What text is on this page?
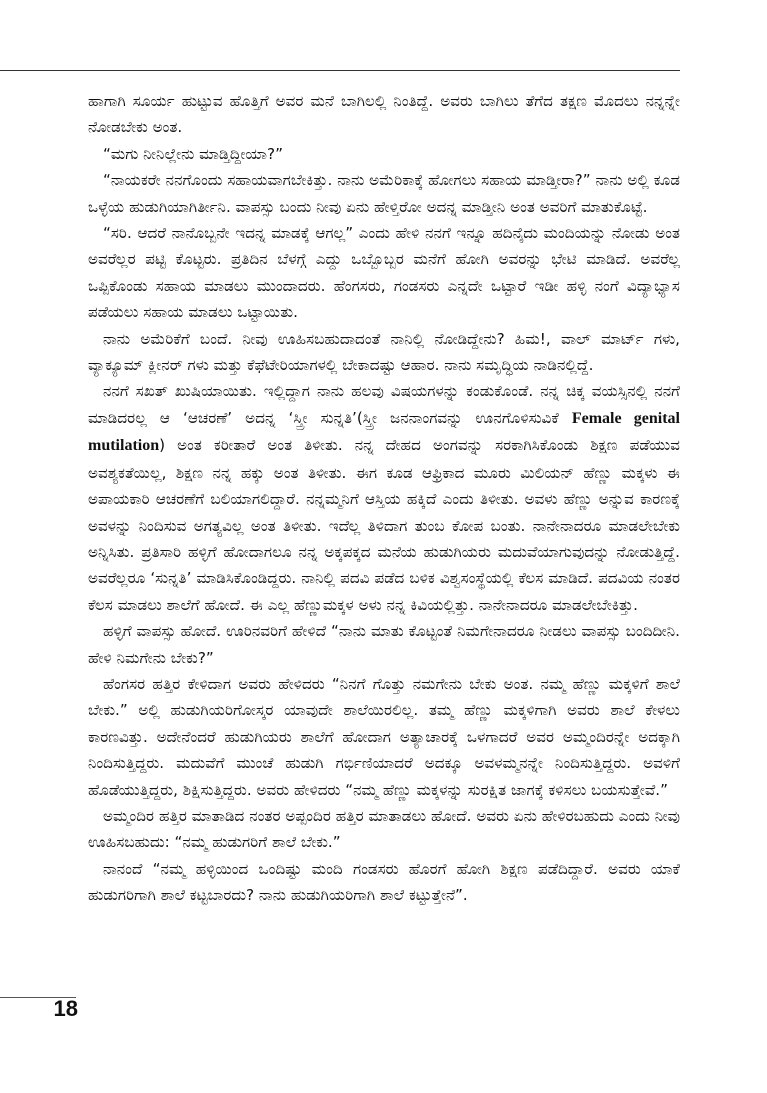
ಹಾಗಾಗಿ ಸೂರ್ಯ ಹುಟ್ಟುವ ಹೊತ್ತಿಗೆ ಅವರ ಮನೆ ಬಾಗಿಲಲ್ಲಿ ನಿಂತಿದ್ದೆ. ಅವರು ಬಾಗಿಲು ತೆಗೆದ ತಕ್ಷಣ ಮೊದಲು ನನ್ನನ್ನೇ ನೋಡಬೇಕು ಅಂತ.

“ಮಗು ನೀನಿಲ್ಲೇನು ಮಾಡ್ತಿದ್ದೀಯಾ?”

“ನಾಯಕರೇ ನನಗೊಂದು ಸಹಾಯವಾಗಬೇಕಿತ್ತು. ನಾನು ಅಮೆರಿಕಾಕ್ಕೆ ಹೋಗಲು ಸಹಾಯ ಮಾಡ್ತೀರಾ?” ನಾನು ಅಲ್ಲಿ ಕೂಡ ಒಳ್ಳೆಯ ಹುಡುಗಿಯಾಗಿರ್ತೀನಿ. ವಾಪಸ್ಸು ಬಂದು ನೀವು ಏನು ಹೇಳ್ತಿರೋ ಅದನ್ನ ಮಾಡ್ತೀನಿ ಅಂತ ಅವರಿಗೆ ಮಾತುಕೊಟ್ಟೆ.

“ಸರಿ. ಆದರೆ ನಾನೊಬ್ಬನೇ ಇದನ್ನ ಮಾಡಕ್ಕೆ ಆಗಲ್ಲ” ಎಂದು ಹೇಳಿ ನನಗೆ ಇನ್ನೂ ಹದಿನೈದು ಮಂದಿಯನ್ನು ನೋಡು ಅಂತ ಅವರೆಲ್ಲರ ಪಟ್ಟಿ ಕೊಟ್ಟರು. ಪ್ರತಿದಿನ ಬೆಳಗ್ಗೆ ಎದ್ದು ಒಬ್ಬೊಬ್ಬರ ಮನೆಗೆ ಹೋಗಿ ಅವರನ್ನು ಭೇಟಿ ಮಾಡಿದೆ. ಅವರೆಲ್ಲ ಒಪ್ಪಿಕೊಂಡು ಸಹಾಯ ಮಾಡಲು ಮುಂದಾದರು. ಹೆಂಗಸರು, ಗಂಡಸರು ಎನ್ನದೇ ಒಟ್ಟಾರೆ ಇಡೀ ಹಳ್ಳಿ ನಂಗೆ ವಿದ್ಯಾಭ್ಯಾಸ ಪಡೆಯಲು ಸಹಾಯ ಮಾಡಲು ಒಟ್ಟಾಯಿತು.

ನಾನು ಅಮೆರಿಕೆಗೆ ಬಂದೆ. ನೀವು ಊಹಿಸಬಹುದಾದಂತೆ ನಾನಿಲ್ಲಿ ನೋಡಿದ್ದೇನು? ಹಿಮ!, ವಾಲ್ ಮಾರ್ಟ್ ಗಳು, ವ್ಯಾಕ್ಯೂಮ್ ಕ್ಲೀನರ್ ಗಳು ಮತ್ತು ಕೆಫೆಟೇರಿಯಾಗಳಲ್ಲಿ ಬೇಕಾದಷ್ಟು ಆಹಾರ. ನಾನು ಸಮೃದ್ಧಿಯ ನಾಡಿನಲ್ಲಿದ್ದೆ.

ನನಗೆ ಸಖತ್ ಖುಷಿಯಾಯಿತು. ಇಲ್ಲಿದ್ದಾಗ ನಾನು ಹಲವು ವಿಷಯಗಳನ್ನು ಕಂಡುಕೊಂಡೆ. ನನ್ನ ಚಿಕ್ಕ ವಯಸ್ಸಿನಲ್ಲಿ ನನಗೆ ಮಾಡಿದರಲ್ಲ ಆ ‘ಆಚರಣೆ’ ಅದನ್ನ ‘ಸ್ತ್ರೀ ಸುನ್ನತಿ’(ಸ್ತ್ರೀ ಜನನಾಂಗವನ್ನು ಊನಗೊಳಿಸುವಿಕೆ Female genital mutilation) ಅಂತ ಕರೀತಾರೆ ಅಂತ ತಿಳೀತು. ನನ್ನ ದೇಹದ ಅಂಗವನ್ನು ಸರಕಾಗಿಸಿಕೊಂಡು ಶಿಕ್ಷಣ ಪಡೆಯುವ ಅವಶ್ಯಕತೆಯಿಲ್ಲ, ಶಿಕ್ಷಣ ನನ್ನ ಹಕ್ಕು ಅಂತ ತಿಳೀತು. ಈಗ ಕೂಡ ಆಫ್ರಿಕಾದ ಮೂರು ಮಿಲಿಯನ್ ಹೆಣ್ಣು ಮಕ್ಕಳು ಈ ಅಪಾಯಕಾರಿ ಆಚರಣೆಗೆ ಬಲಿಯಾಗಲಿದ್ದಾರೆ. ನನ್ನಮ್ಮನಿಗೆ ಆಸ್ತಿಯ ಹಕ್ಕಿದೆ ಎಂದು ತಿಳೀತು. ಅವಳು ಹೆಣ್ಣು ಅನ್ನುವ ಕಾರಣಕ್ಕೆ ಅವಳನ್ನು ನಿಂದಿಸುವ ಅಗತ್ಯವಿಲ್ಲ ಅಂತ ತಿಳೀತು. ಇದೆಲ್ಲ ತಿಳಿದಾಗ ತುಂಬ ಕೋಪ ಬಂತು. ನಾನೇನಾದರೂ ಮಾಡಲೇಬೇಕು ಅನ್ನಿಸಿತು. ಪ್ರತಿಸಾರಿ ಹಳ್ಳಿಗೆ ಹೋದಾಗಲೂ ನನ್ನ ಅಕ್ಕಪಕ್ಕದ ಮನೆಯ ಹುಡುಗಿಯರು ಮದುವೆಯಾಗುವುದನ್ನು ನೋಡುತ್ತಿದ್ದೆ. ಅವರೆಲ್ಲರೂ ‘ಸುನ್ನತಿ’ ಮಾಡಿಸಿಕೊಂಡಿದ್ದರು. ನಾನಿಲ್ಲಿ ಪದವಿ ಪಡೆದ ಬಳಿಕ ವಿಶ್ವಸಂಸ್ಥೆಯಲ್ಲಿ ಕೆಲಸ ಮಾಡಿದೆ. ಪದವಿಯ ನಂತರ ಕೆಲಸ ಮಾಡಲು ಶಾಲೆಗೆ ಹೋದೆ. ಈ ಎಲ್ಲ ಹೆಣ್ಣುಮಕ್ಕಳ ಅಳು ನನ್ನ ಕಿವಿಯಲ್ಲಿತ್ತು. ನಾನೇನಾದರೂ ಮಾಡಲೇಬೇಕಿತ್ತು.

ಹಳ್ಳಿಗೆ ವಾಪಸ್ಸು ಹೋದೆ. ಊರಿನವರಿಗೆ ಹೇಳಿದೆ “ನಾನು ಮಾತು ಕೊಟ್ಟಂತೆ ನಿಮಗೇನಾದರೂ ನೀಡಲು ವಾಪಸ್ಸು ಬಂದಿದೀನಿ. ಹೇಳಿ ನಿಮಗೇನು ಬೇಕು?”

ಹೆಂಗಸರ ಹತ್ತಿರ ಕೇಳಿದಾಗ ಅವರು ಹೇಳಿದರು “ನಿನಗೆ ಗೊತ್ತು ನಮಗೇನು ಬೇಕು ಅಂತ. ನಮ್ಮ ಹೆಣ್ಣು ಮಕ್ಕಳಿಗೆ ಶಾಲೆ ಬೇಕು.” ಅಲ್ಲಿ ಹುಡುಗಿಯರಿಗೋಸ್ಕರ ಯಾವುದೇ ಶಾಲೆಯಿರಲಿಲ್ಲ. ತಮ್ಮ ಹೆಣ್ಣು ಮಕ್ಕಳಿಗಾಗಿ ಅವರು ಶಾಲೆ ಕೇಳಲು ಕಾರಣವಿತ್ತು. ಅದೇನೆಂದರೆ ಹುಡುಗಿಯರು ಶಾಲೆಗೆ ಹೋದಾಗ ಅತ್ಯಾಚಾರಕ್ಕೆ ಒಳಗಾದರೆ ಅವರ ಅಮ್ಮಂದಿರನ್ನೇ ಅದಕ್ಕಾಗಿ ನಿಂದಿಸುತ್ತಿದ್ದರು. ಮದುವೆಗೆ ಮುಂಚೆ ಹುಡುಗಿ ಗರ್ಭಿಣಿಯಾದರೆ ಅದಕ್ಕೂ ಅವಳಮ್ಮನನ್ನೇ ನಿಂದಿಸುತ್ತಿದ್ದರು. ಅವಳಿಗೆ ಹೊಡೆಯುತ್ತಿದ್ದರು, ಶಿಕ್ಷಿಸುತ್ತಿದ್ದರು. ಅವರು ಹೇಳಿದರು “ನಮ್ಮ ಹೆಣ್ಣು ಮಕ್ಕಳನ್ನು ಸುರಕ್ಷಿತ ಜಾಗಕ್ಕೆ ಕಳಿಸಲು ಬಯಸುತ್ತೇವೆ.”

ಅಮ್ಮಂದಿರ ಹತ್ತಿರ ಮಾತಾಡಿದ ನಂತರ ಅಪ್ಪಂದಿರ ಹತ್ತಿರ ಮಾತಾಡಲು ಹೋದೆ. ಅವರು ಏನು ಹೇಳಿರಬಹುದು ಎಂದು ನೀವು ಊಹಿಸಬಹುದು: “ನಮ್ಮ ಹುಡುಗರಿಗೆ ಶಾಲೆ ಬೇಕು.”

ನಾನಂದೆ “ನಮ್ಮ ಹಳ್ಳಿಯಿಂದ ಒಂದಿಷ್ಟು ಮಂದಿ ಗಂಡಸರು ಹೊರಗೆ ಹೋಗಿ ಶಿಕ್ಷಣ ಪಡೆದಿದ್ದಾರೆ. ಅವರು ಯಾಕೆ ಹುಡುಗರಿಗಾಗಿ ಶಾಲೆ ಕಟ್ಟಬಾರದು? ನಾನು ಹುಡುಗಿಯರಿಗಾಗಿ ಶಾಲೆ ಕಟ್ಟುತ್ತೇನೆ”.

18
